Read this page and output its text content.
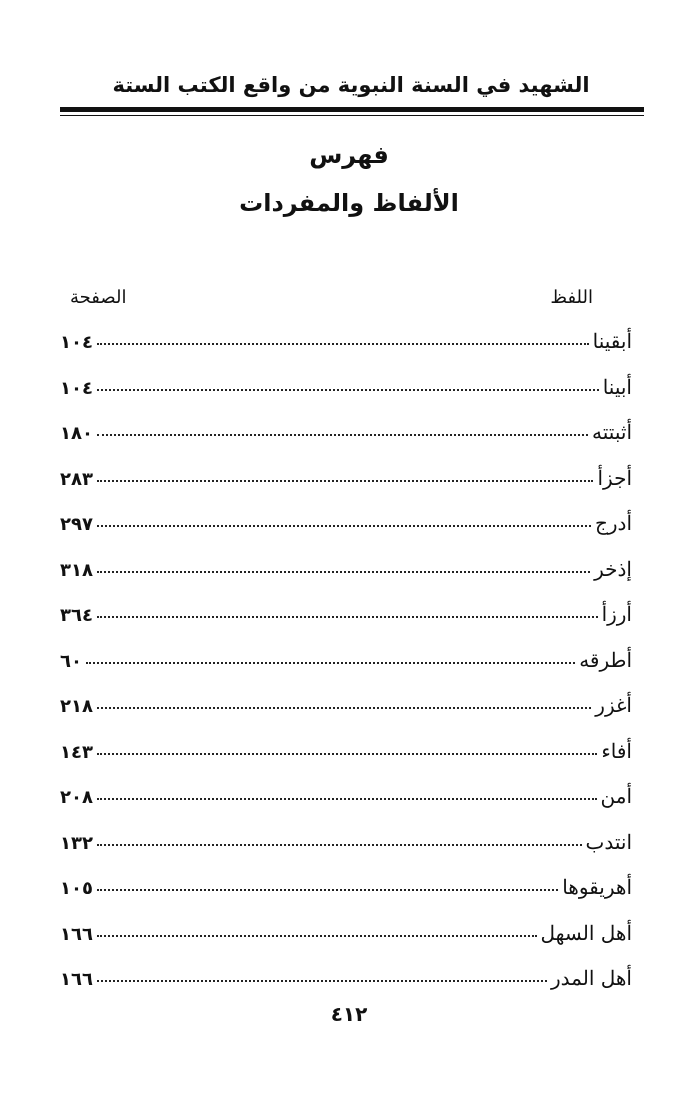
الشهيد في السنة النبوية من واقع الكتب الستة
فهرس
الألفاظ والمفردات
اللفظ
الصفحة
أبقينا
١٠٤
أبينا
١٠٤
أثبتته
١٨٠
أجزأ
٢٨٣
أدرج
٢٩٧
إذخر
٣١٨
أرزأ
٣٦٤
أطرقه
٦٠
أغزر
٢١٨
أفاء
١٤٣
أمن
٢٠٨
انتدب
١٣٢
أهريقوها
١٠٥
أهل السهل
١٦٦
أهل المدر
١٦٦
٤١٢
